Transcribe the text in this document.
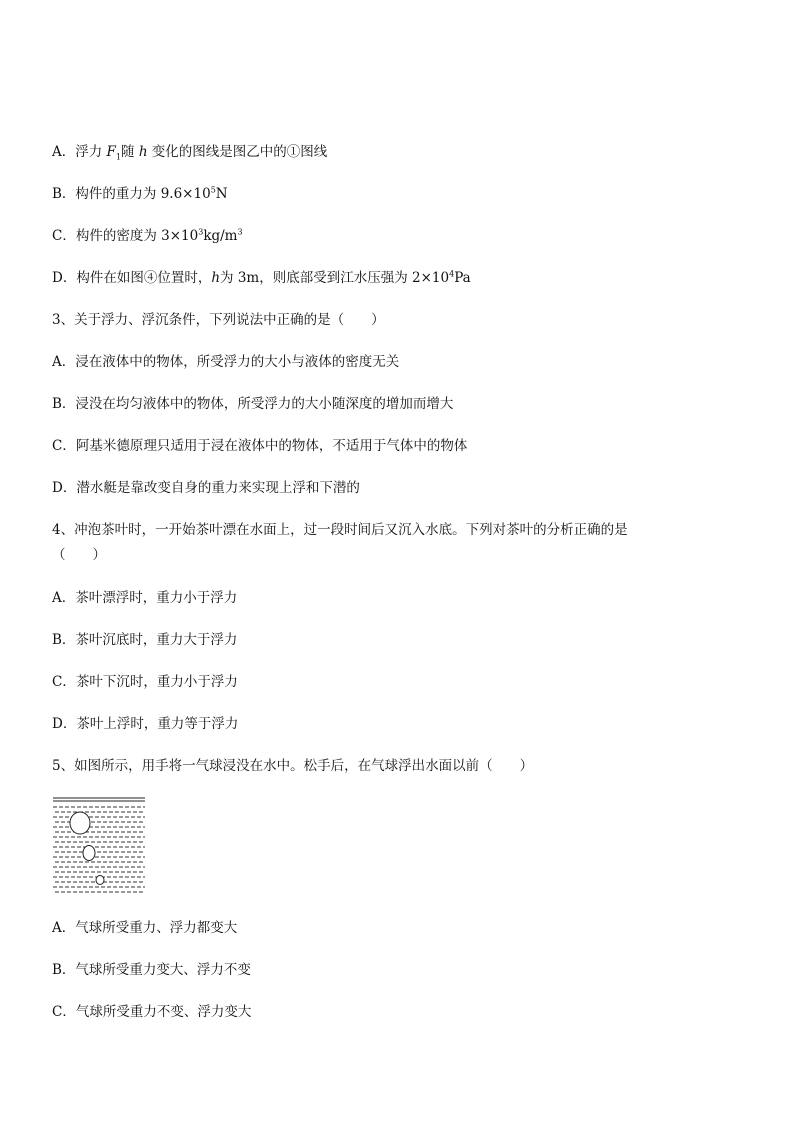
A．浮力 $F_1$随 h 变化的图线是图乙中的①图线
B．构件的重力为 $9.6\times 10^5N$
C．构件的密度为 $3\times 10^3kg/m^3$
D．构件在如图④位置时，h为 3m，则底部受到江水压强为 $2\times 10^4Pa$
3、关于浮力、浮沉条件，下列说法中正确的是（　　）
A．浸在液体中的物体，所受浮力的大小与液体的密度无关
B．浸没在均匀液体中的物体，所受浮力的大小随深度的增加而增大
C．阿基米德原理只适用于浸在液体中的物体，不适用于气体中的物体
D．潜水艇是靠改变自身的重力来实现上浮和下潜的
4、冲泡茶叶时，一开始茶叶漂在水面上，过一段时间后又沉入水底。下列对茶叶的分析正确的是
（　　）
A．茶叶漂浮时，重力小于浮力
B．茶叶沉底时，重力大于浮力
C．茶叶下沉时，重力小于浮力
D．茶叶上浮时，重力等于浮力
5、如图所示，用手将一气球浸没在水中。松手后，在气球浮出水面以前（　　）
A．气球所受重力、浮力都变大
B．气球所受重力变大、浮力不变
C．气球所受重力不变、浮力变大
